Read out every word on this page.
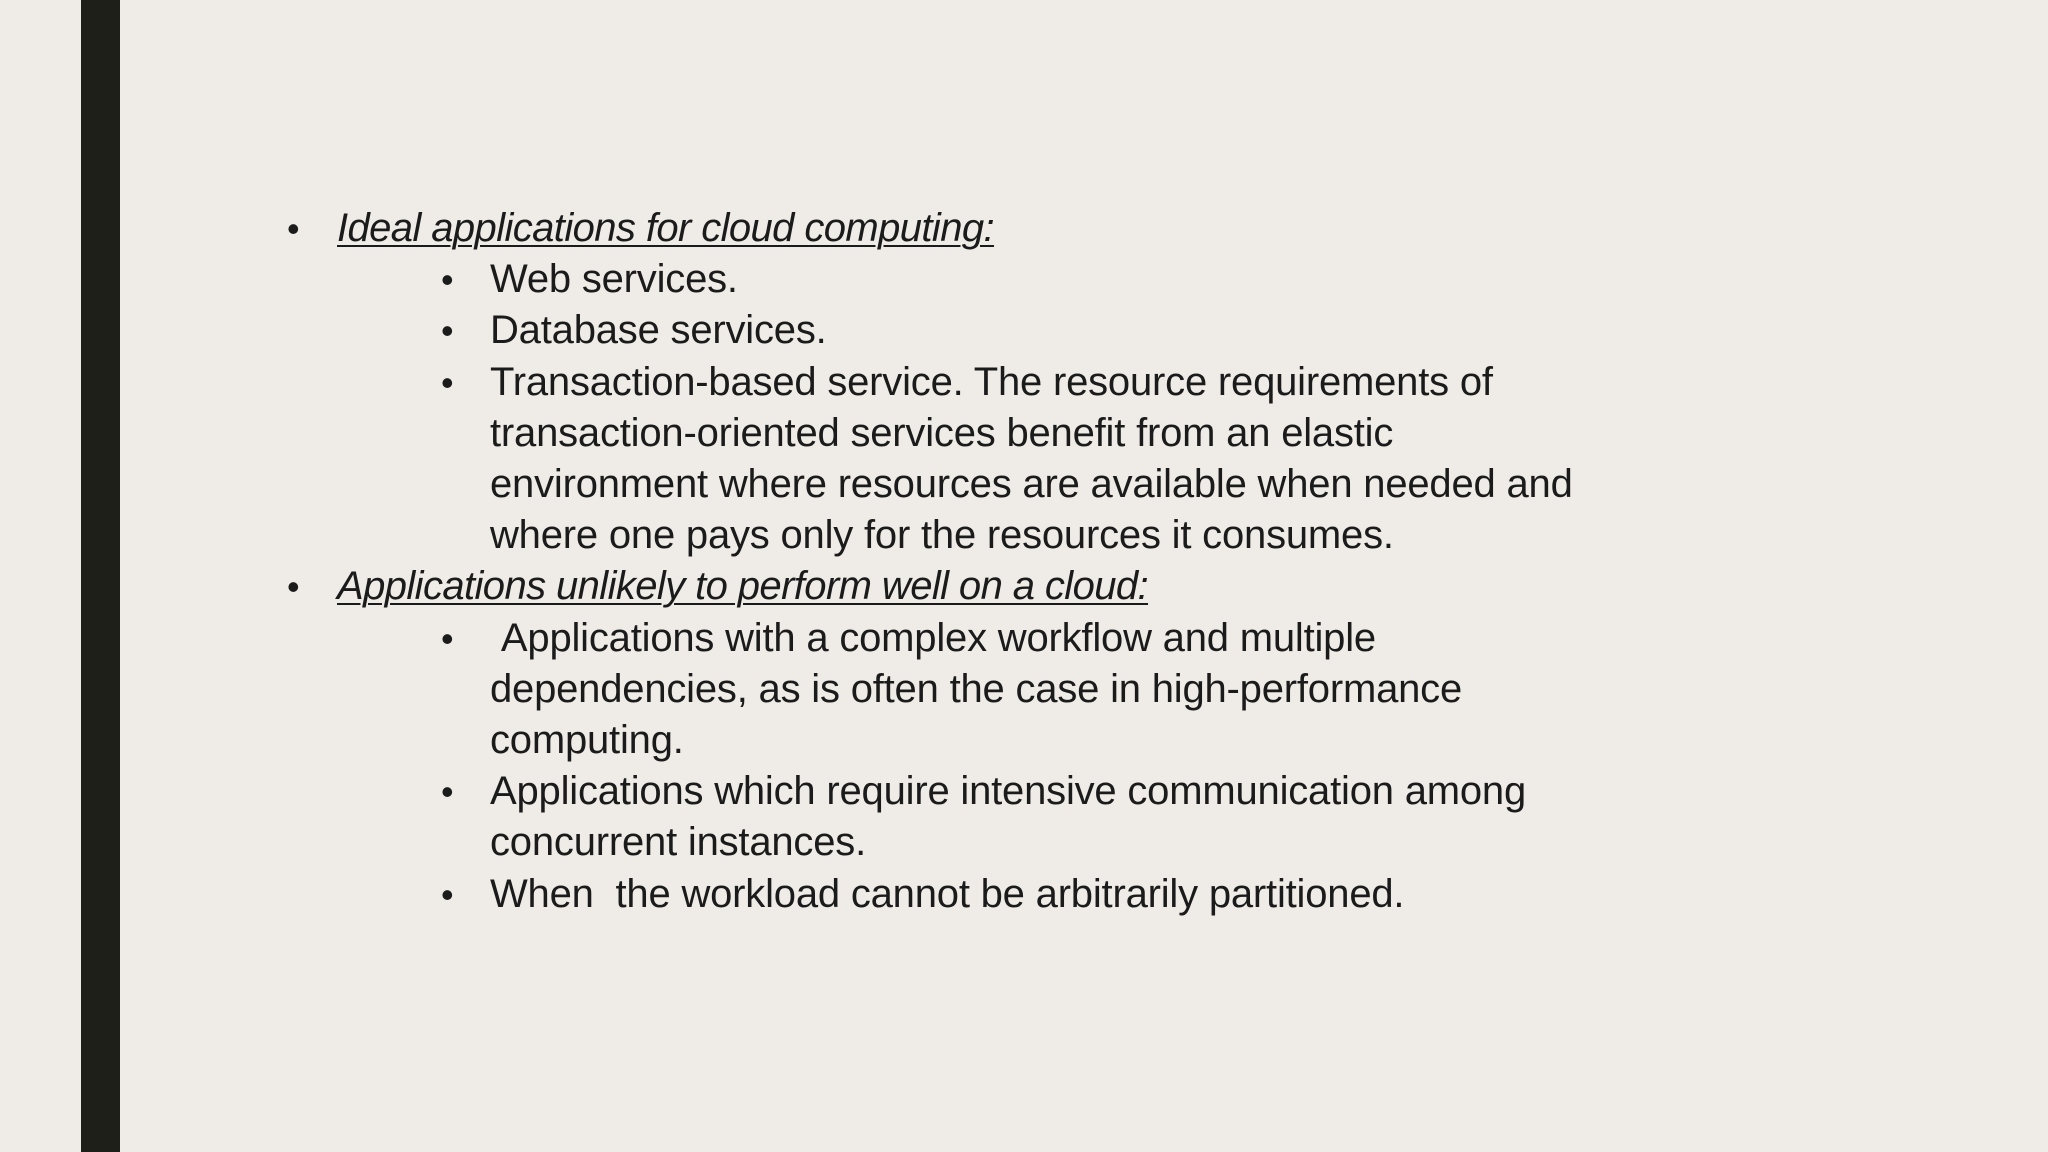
• Ideal applications for cloud computing:
• Web services.
• Database services.
• Transaction-based service. The resource requirements of transaction-oriented services benefit from an elastic environment where resources are available when needed and where one pays only for the resources it consumes.
• Applications unlikely to perform well on a cloud:
• Applications with a complex workflow and multiple dependencies, as is often the case in high-performance computing.
• Applications which require intensive communication among concurrent instances.
• When  the workload cannot be arbitrarily partitioned.
